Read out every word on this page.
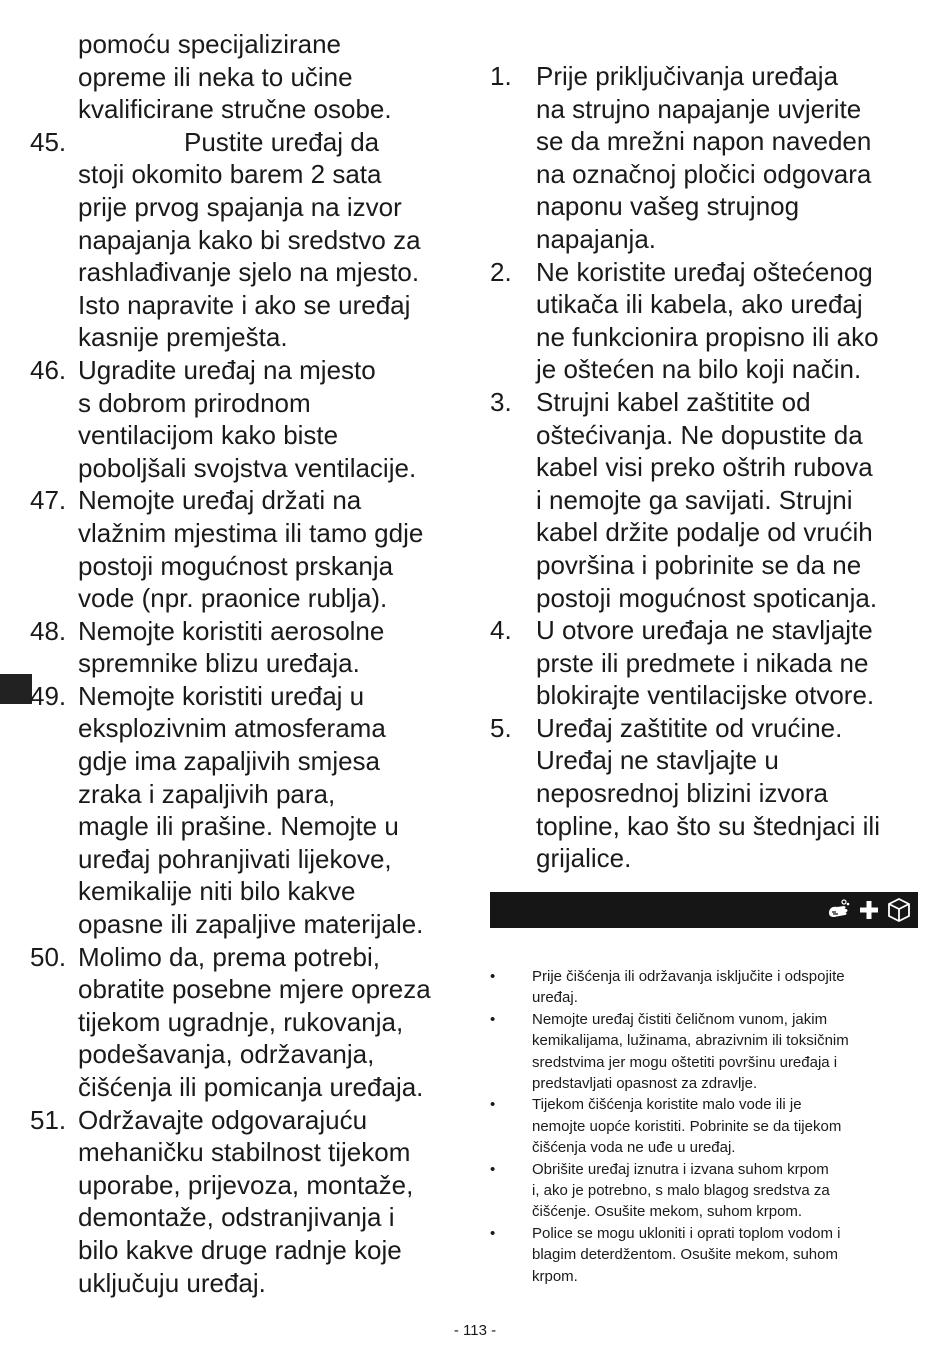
pomoću specijalizirane
opreme ili neka to učine
kvalificirane stručne osobe.
45.	Pustite uređaj da
stoji okomito barem 2 sata
prije prvog spajanja na izvor
napajanja kako bi sredstvo za
rashlađivanje sjelo na mjesto.
Isto napravite i ako se uređaj
kasnije premješta.
46. Ugradite uređaj na mjesto
s dobrom prirodnom
ventilacijom kako biste
poboljšali svojstva ventilacije.
47. Nemojte uređaj držati na
vlažnim mjestima ili tamo gdje
postoji mogućnost prskanja
vode (npr. praonice rublja).
48. Nemojte koristiti aerosolne
spremnike blizu uređaja.
49. Nemojte koristiti uređaj u
eksplozivnim atmosferama
gdje ima zapaljivih smjesa
zraka i zapaljivih para,
magle ili prašine. Nemojte u
uređaj pohranjivati lijekove,
kemikalije niti bilo kakve
opasne ili zapaljive materijale.
50. Molimo da, prema potrebi,
obratite posebne mjere opreza
tijekom ugradnje, rukovanja,
podešavanja, održavanja,
čišćenja ili pomicanja uređaja.
51. Održavajte odgovarajuću
mehaničku stabilnost tijekom
uporabe, prijevoza, montaže,
demontaže, odstranjivanja i
bilo kakve druge radnje koje
uključuju uređaj.
1. Prije priključivanja uređaja
na strujno napajanje uvjerite
se da mrežni napon naveden
na označnoj pločici odgovara
naponu vašeg strujnog
napajanja.
2. Ne koristite uređaj oštećenog
utikača ili kabela, ako uređaj
ne funkcionira propisno ili ako
je oštećen na bilo koji način.
3. Strujni kabel zaštitite od
oštećivanja. Ne dopustite da
kabel visi preko oštrih rubova
i nemojte ga savijati. Strujni
kabel držite podalje od vrućih
površina i pobrinite se da ne
postoji mogućnost spoticanja.
4. U otvore uređaja ne stavljajte
prste ili predmete i nikada ne
blokirajte ventilacijske otvore.
5. Uređaj zaštitite od vrućine.
Uređaj ne stavljajte u
neposrednoj blizini izvora
topline, kao što su štednjaci ili
grijalice.
• Prije čišćenja ili održavanja isključite i odspojite
uređaj.
• Nemojte uređaj čistiti čeličnom vunom, jakim
kemikalijama, lužinama, abrazivnim ili toksičnim
sredstvima jer mogu oštetiti površinu uređaja i
predstavljati opasnost za zdravlje.
• Tijekom čišćenja koristite malo vode ili je
nemojte uopće koristiti. Pobrinite se da tijekom
čišćenja voda ne uđe u uređaj.
• Obrišite uređaj iznutra i izvana suhom krpom
i, ako je potrebno, s malo blagog sredstva za
čišćenje. Osušite mekom, suhom krpom.
• Police se mogu ukloniti i oprati toplom vodom i
blagim deterdžentom. Osušite mekom, suhom
krpom.
- 113 -
